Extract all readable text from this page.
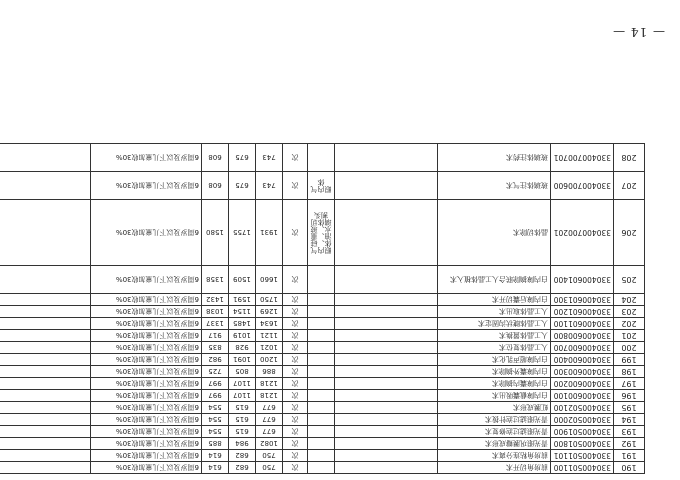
— 14 —
190	330400501100	前房角切开术			次	750	682	614	6周岁及以下儿童加收30%	
191	330400501101	前房角粘连分离术			次	750	682	614	6周岁及以下儿童加收30%	
192	330400501800	青光眼巩膜瓣成形术			次	1082	984	885	6周岁及以下儿童加收30%	
193	330400501900	青光眼滤过泡修复术			次	677	615	554	6周岁及以下儿童加收30%	
194	330400502000	青光眼滤过泡针拨术			次	677	615	554	6周岁及以下儿童加收30%	
195	330400502100	虹膜成形术			次	677	615	554	6周岁及以下儿童加收30%	
196	330400600100	白内障截囊吸出术			次	1218	1107	997	6周岁及以下儿童加收30%	
197	330400600200	白内障囊内摘除术			次	1218	1107	997	6周岁及以下儿童加收30%	
198	330400600300	白内障囊外摘除术			次	886	805	725	6周岁及以下儿童加收30%	
199	330400600400	白内障超声乳化术			次	1200	1091	982	6周岁及以下儿童加收30%	
200	330400600700	人工晶体复位术			次	1021	928	835	6周岁及以下儿童加收30%	
201	330400600800	人工晶体置换术			次	1121	1019	917	6周岁及以下儿童加收30%	
202	330400601100	人工晶体睫状沟固定术			次	1634	1485	1337	6周岁及以下儿童加收30%	
203	330400601200	人工晶体取出术			次	1269	1154	1038	6周岁及以下儿童加收30%	
204	330400601300	白内障后囊切开术			次	1750	1591	1432	6周岁及以下儿童加收30%	
205	330400601400	白内障摘除联合人工晶体植入术			次	1660	1509	1358	6周岁及以下儿童加收30%	
206	330400700201	晶体切除术		眼内气体、硅油、重水、玻璃体切割头	次	1931	1755	1580	6周岁及以下儿童加收30%	
207	330400700600	玻璃体注气术		眼内气体	次	743	675	608	6周岁及以下儿童加收30%	
208	330400700701	玻璃体注药术			次	743	675	608	6周岁及以下儿童加收30%	
